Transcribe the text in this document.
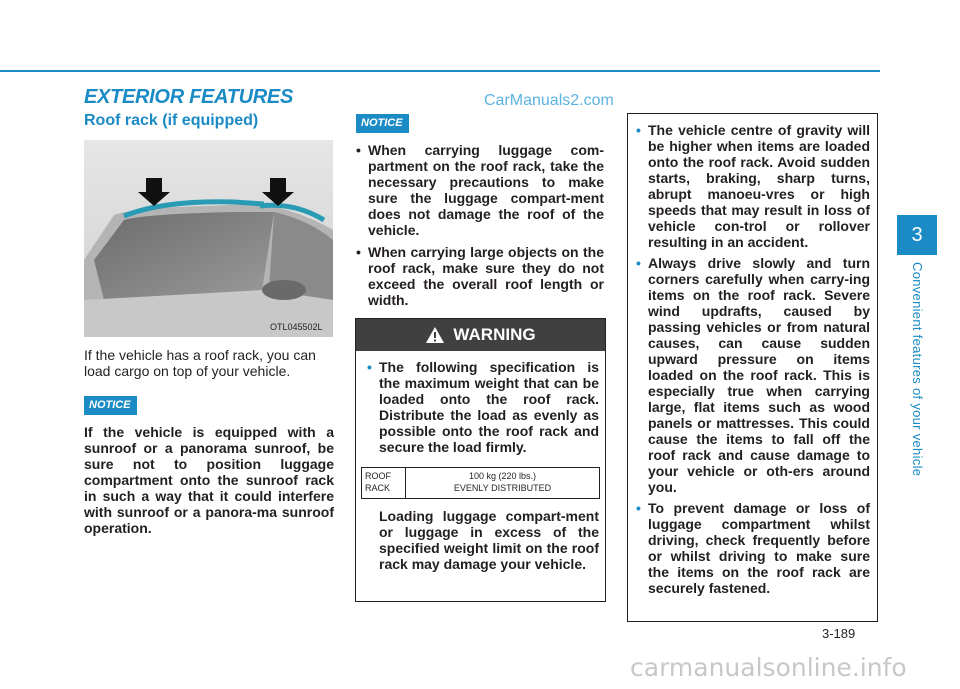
EXTERIOR FEATURES	CarManuals2.com
Roof rack (if equipped)
OTL045502L
If the vehicle has a roof rack, you can load cargo on top of your vehicle.
NOTICE
If the vehicle is equipped with a sunroof or a panorama sunroof, be sure not to position luggage compartment onto the sunroof rack in such a way that it could interfere with sunroof or a panora-ma sunroof operation.
NOTICE
• When carrying luggage com-partment on the roof rack, take the necessary precautions to make sure the luggage compart-ment does not damage the roof of the vehicle.
• When carrying large objects on the roof rack, make sure they do not exceed the overall roof length or width.
WARNING
• The following specification is the maximum weight that can be loaded onto the roof rack. Distribute the load as evenly as possible onto the roof rack and secure the load firmly.
ROOF
RACK
100 kg (220 lbs.)
EVENLY DISTRIBUTED
Loading luggage compart-ment or luggage in excess of the specified weight limit on the roof rack may damage your vehicle.
• The vehicle centre of gravity will be higher when items are loaded onto the roof rack. Avoid sudden starts, braking, sharp turns, abrupt manoeu-vres or high speeds that may result in loss of vehicle con-trol or rollover resulting in an accident.
• Always drive slowly and turn corners carefully when carry-ing items on the roof rack. Severe wind updrafts, caused by passing vehicles or from natural causes, can cause sudden upward pressure on items loaded on the roof rack. This is especially true when carrying large, flat items such as wood panels or mattresses. This could cause the items to fall off the roof rack and cause damage to your vehicle or oth-ers around you.
• To prevent damage or loss of luggage compartment whilst driving, check frequently before or whilst driving to make sure the items on the roof rack are securely fastened.
3
Convenient features of your vehicle
3-189
carmanualsonline.info
